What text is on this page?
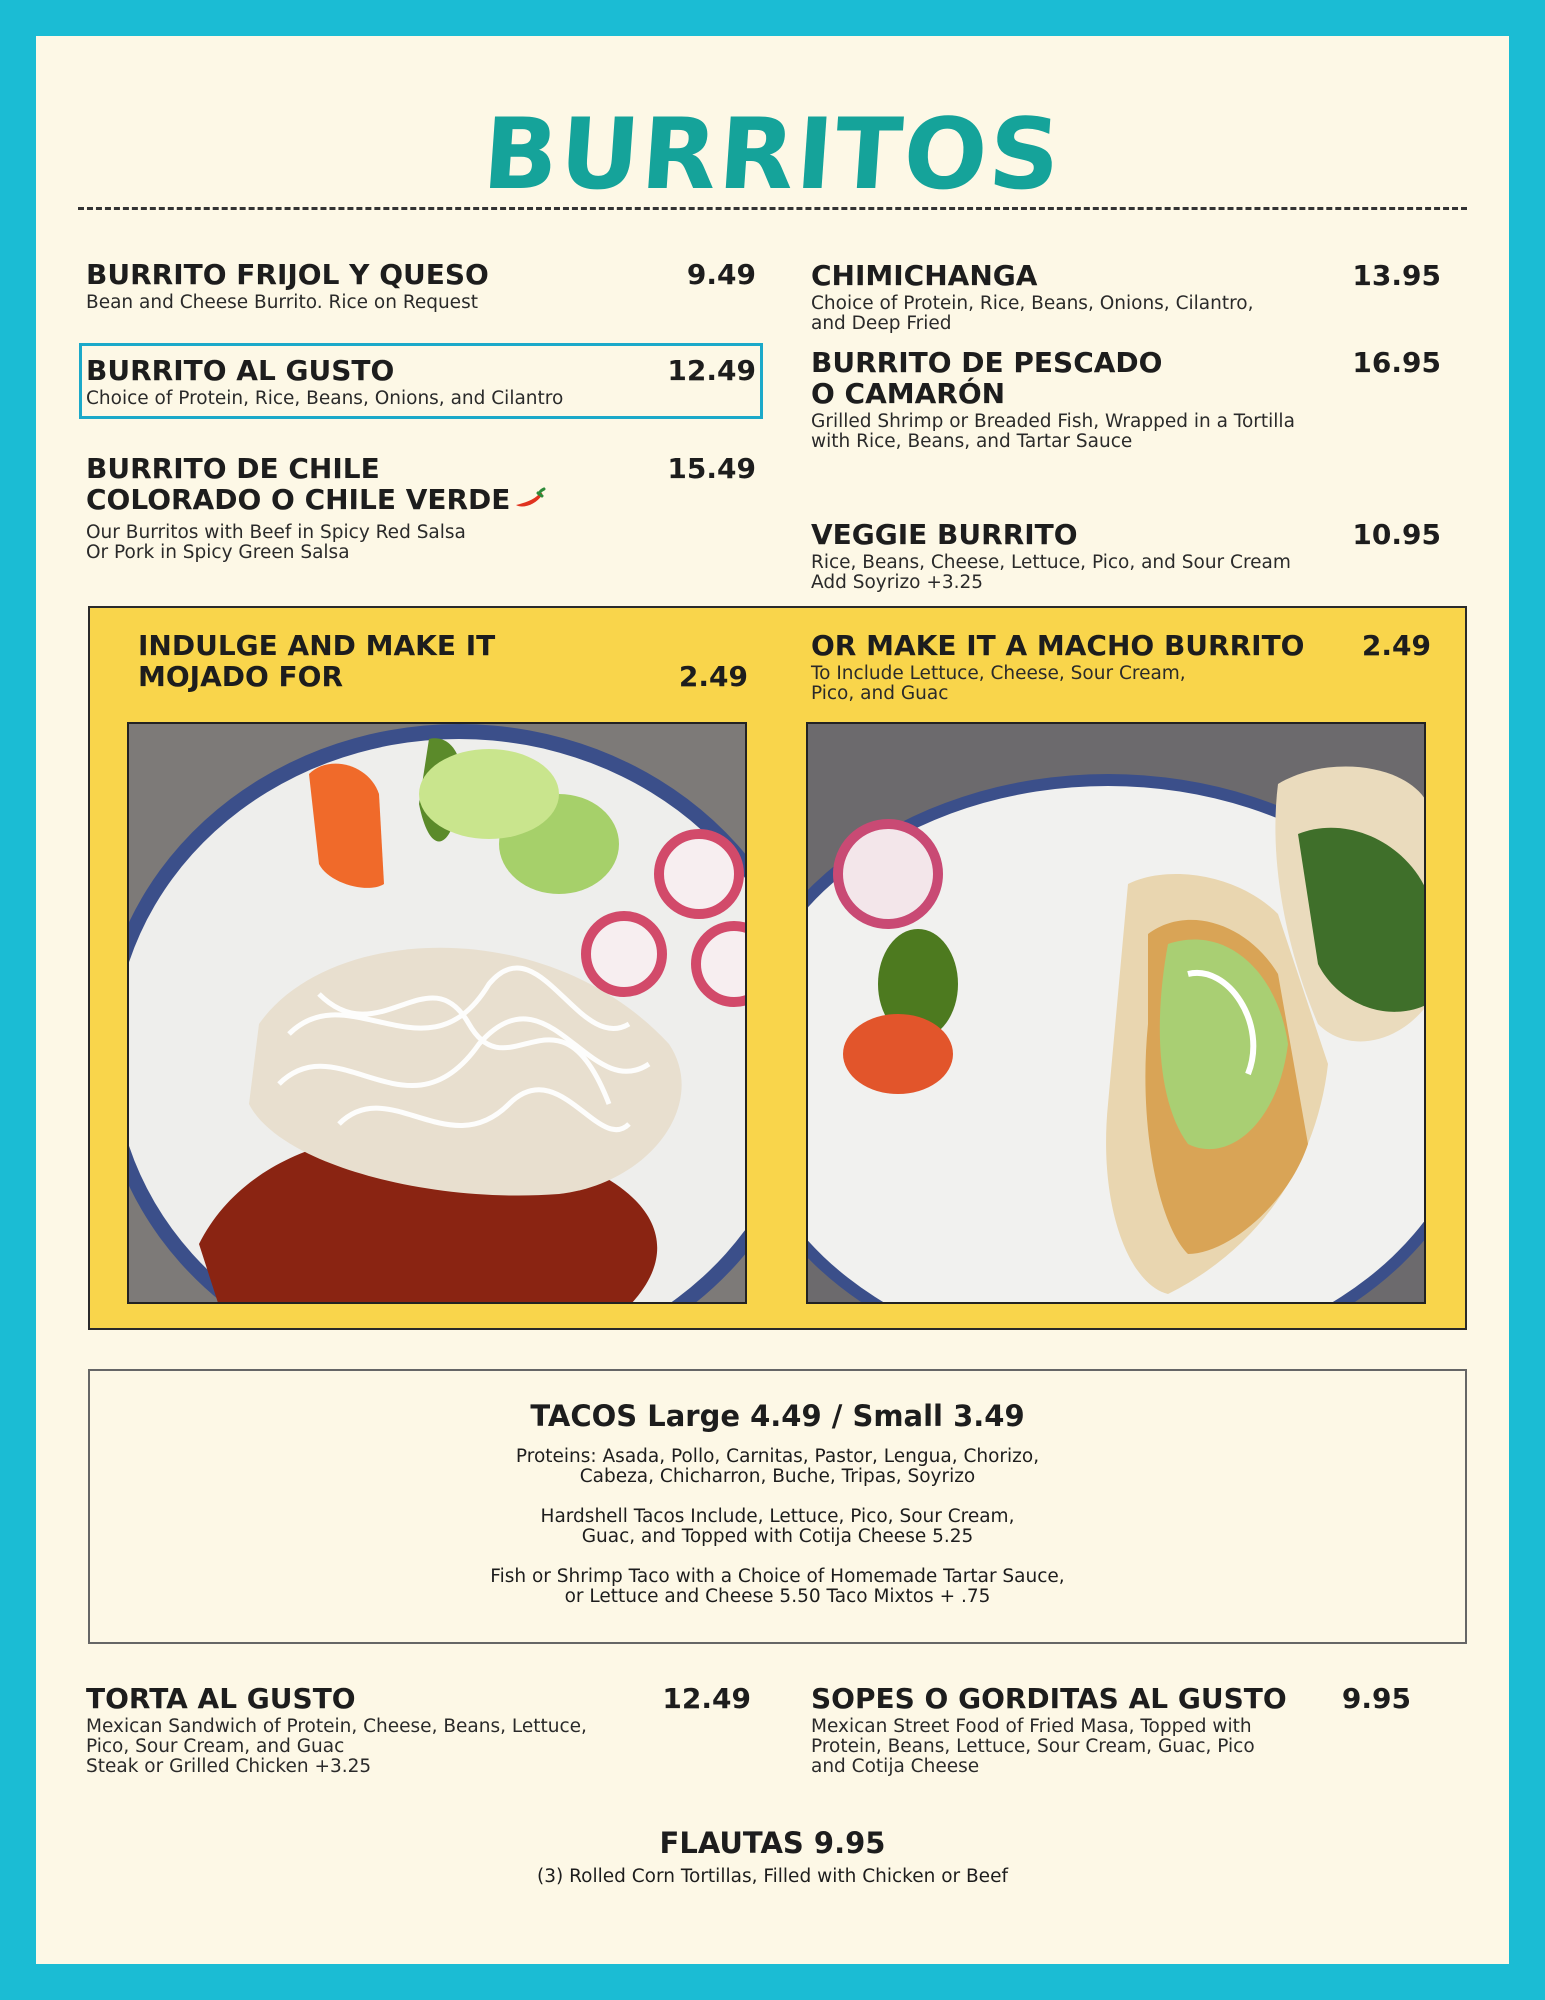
BURRITOS
BURRITO FRIJOL Y QUESO	9.49
Bean and Cheese Burrito. Rice on Request
BURRITO AL GUSTO	12.49
Choice of Protein, Rice, Beans, Onions, and Cilantro
BURRITO DE CHILE
COLORADO O CHILE VERDE
15.49
Our Burritos with Beef in Spicy Red Salsa
Or Pork in Spicy Green Salsa
CHIMICHANGA	13.95
Choice of Protein, Rice, Beans, Onions, Cilantro,
and Deep Fried
BURRITO DE PESCADO
O CAMARÓN
16.95
Grilled Shrimp or Breaded Fish, Wrapped in a Tortilla
with Rice, Beans, and Tartar Sauce
VEGGIE BURRITO	10.95
Rice, Beans, Cheese, Lettuce, Pico, and Sour Cream
Add Soyrizo +3.25
INDULGE AND MAKE IT
MOJADO FOR	2.49
OR MAKE IT A MACHO BURRITO	2.49
To Include Lettuce, Cheese, Sour Cream,
Pico, and Guac
TACOS Large 4.49 / Small 3.49
Proteins: Asada, Pollo, Carnitas, Pastor, Lengua, Chorizo,
Cabeza, Chicharron, Buche, Tripas, Soyrizo
Hardshell Tacos Include, Lettuce, Pico, Sour Cream,
Guac, and Topped with Cotija Cheese 5.25
Fish or Shrimp Taco with a Choice of Homemade Tartar Sauce,
or Lettuce and Cheese 5.50 Taco Mixtos + .75
TORTA AL GUSTO	12.49
Mexican Sandwich of Protein, Cheese, Beans, Lettuce,
Pico, Sour Cream, and Guac
Steak or Grilled Chicken +3.25
SOPES O GORDITAS AL GUSTO	9.95
Mexican Street Food of Fried Masa, Topped with
Protein, Beans, Lettuce, Sour Cream, Guac, Pico
and Cotija Cheese
FLAUTAS 9.95
(3) Rolled Corn Tortillas, Filled with Chicken or Beef
